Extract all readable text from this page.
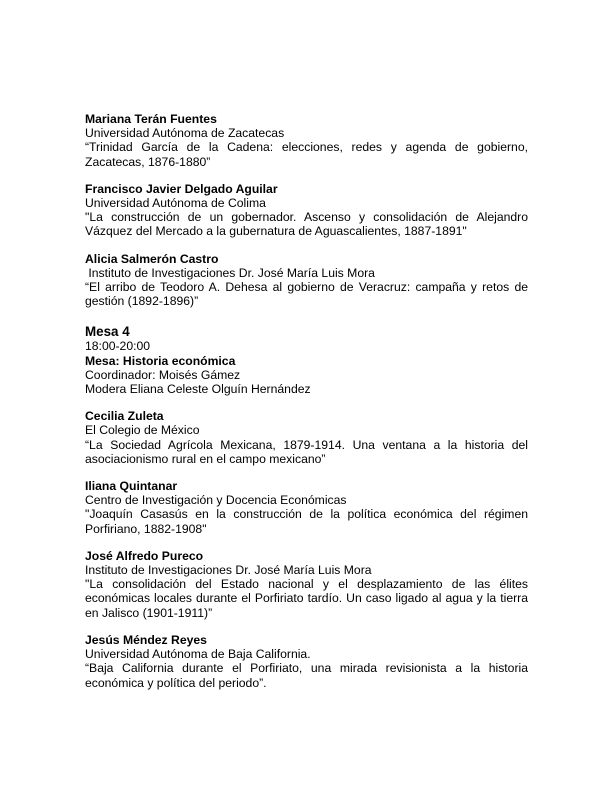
Mariana Terán Fuentes
Universidad Autónoma de Zacatecas
“Trinidad García de la Cadena: elecciones, redes y agenda de gobierno, Zacatecas, 1876-1880”
Francisco Javier Delgado Aguilar
Universidad Autónoma de Colima
"La construcción de un gobernador. Ascenso y consolidación de Alejandro Vázquez del Mercado a la gubernatura de Aguascalientes, 1887-1891"
Alicia Salmerón Castro
Instituto de Investigaciones Dr. José María Luis Mora
“El arribo de Teodoro A. Dehesa al gobierno de Veracruz: campaña y retos de gestión (1892-1896)”
Mesa 4
18:00-20:00
Mesa: Historia económica
Coordinador: Moisés Gámez
Modera Eliana Celeste Olguín Hernández
Cecilia Zuleta
El Colegio de México
“La Sociedad Agrícola Mexicana, 1879-1914. Una ventana a la historia del asociacionismo rural en el campo mexicano”
Iliana Quintanar
Centro de Investigación y Docencia Económicas
"Joaquín Casasús en la construcción de la política económica del régimen Porfiriano, 1882-1908"
José Alfredo Pureco
Instituto de Investigaciones Dr. José María Luis Mora
"La consolidación del Estado nacional y el desplazamiento de las élites económicas locales durante el Porfiriato tardío. Un caso ligado al agua y la tierra en Jalisco (1901-1911)”
Jesús Méndez Reyes
Universidad Autónoma de Baja California.
“Baja California durante el Porfiriato, una mirada revisionista a la historia económica y política del periodo”.
